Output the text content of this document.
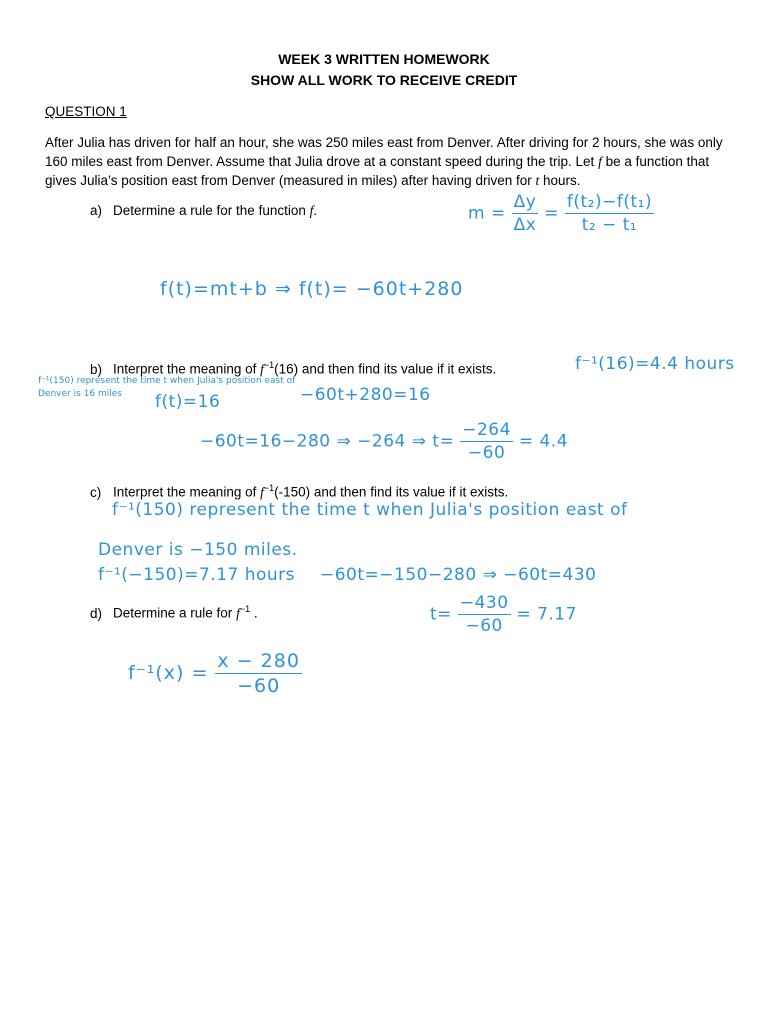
WEEK 3 WRITTEN HOMEWORK
SHOW ALL WORK TO RECEIVE CREDIT
QUESTION 1
After Julia has driven for half an hour, she was 250 miles east from Denver. After driving for 2 hours, she was only 160 miles east from Denver. Assume that Julia drove at a constant speed during the trip. Let f be a function that gives Julia’s position east from Denver (measured in miles) after having driven for t hours.
a) Determine a rule for the function f.
b) Interpret the meaning of $f^{-1}(16)$ and then find its value if it exists.
c) Interpret the meaning of $f^{-1}(-150)$ and then find its value if it exists.
d) Determine a rule for $f^{-1}$ .
$m = \frac{\Delta y}{\Delta x} = \frac{\text{f(t₂)−f(t₁)}}{\text{t₂ − t₁}}$
f(t)=mt+b ⇒ f(t)= −60t+280
f⁻¹(16)=4.4 hours
f⁻¹(150) represent the time t when Julia's position east of
Denver is 16 miles	f(t)=16	−60t+280=16
−60t=16−280 ⇒ −264 ⇒ $t= \frac{-264}{-60} = 4.4$
f⁻¹(150) represent the time t when Julia's position east of
Denver is −150 miles.
f⁻¹(−150)=7.17 hours −60t=−150−280 ⇒ −60t=430
$t= \frac{-430}{-60} = 7.17$
$f^{-1}(x) = \frac{x - 280}{-60}$
